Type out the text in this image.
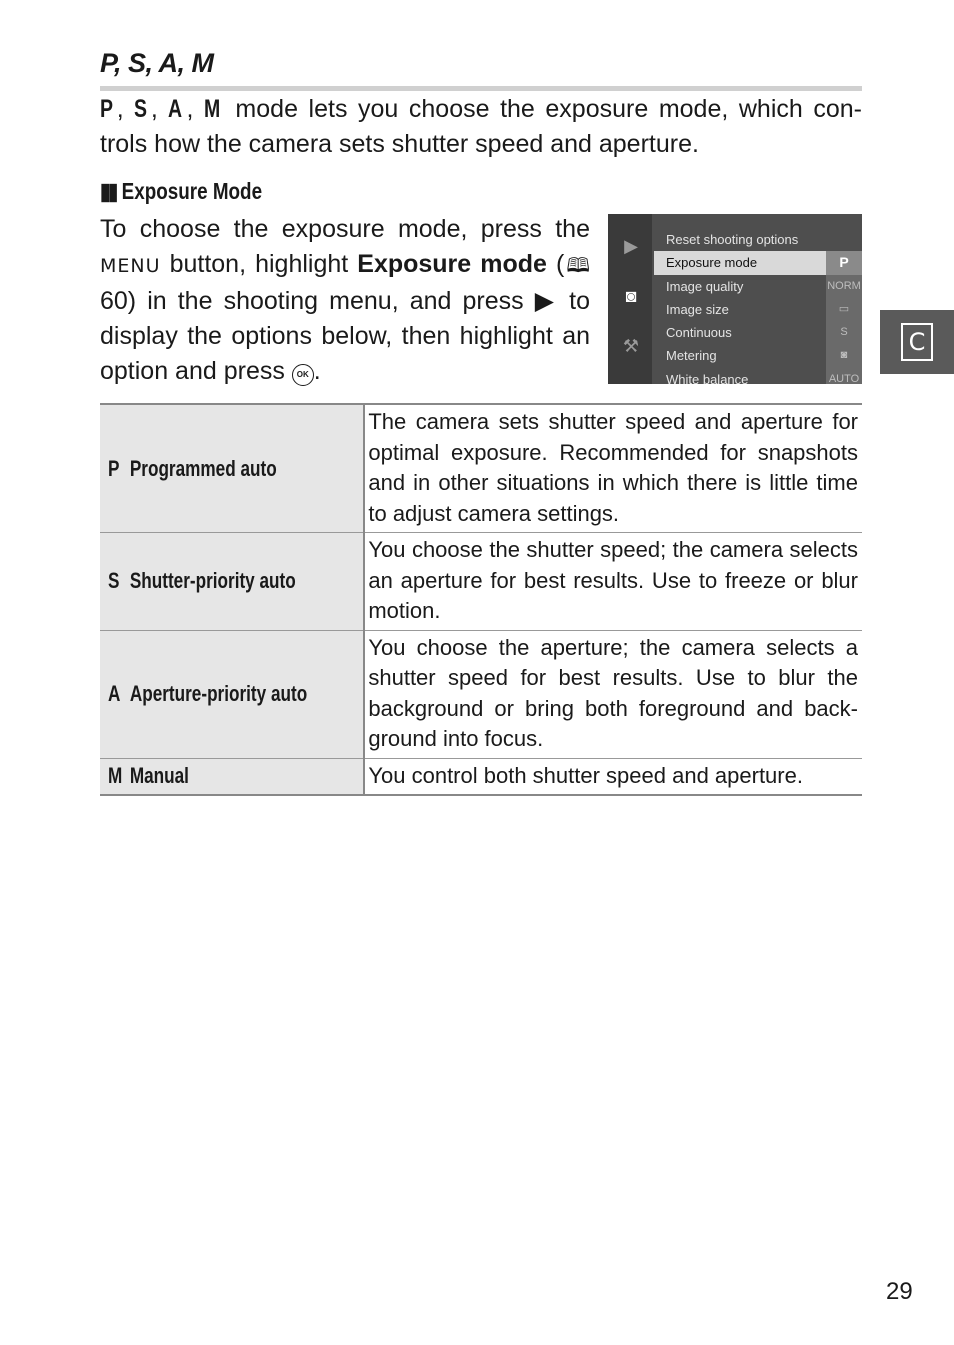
P, S, A, M
P , S , A , M mode lets you choose the exposure mode, which con-trols how the camera sets shutter speed and aperture.
▮▮ Exposure Mode
To choose the exposure mode, press the MENU button, highlight Exposure mode (🕮 60) in the shooting menu, and press ▶ to display the options below, then highlight an option and press OK .
▶
◙
⚒
Reset shooting options
Exposure mode	P
Image quality	NORM
Image size	▭
Continuous	S
Metering	◙
White balance	AUTO
C
P Programmed auto	The camera sets shutter speed and aperture for optimal exposure. Recommended for snapshots and in other situations in which there is little time to adjust camera settings.
S Shutter-priority auto	You choose the shutter speed; the camera selects an aperture for best results. Use to freeze or blur motion.
A Aperture-priority auto	You choose the aperture; the camera selects a shutter speed for best results. Use to blur the background or bring both foreground and back-ground into focus.
M Manual	You control both shutter speed and aperture.
29
